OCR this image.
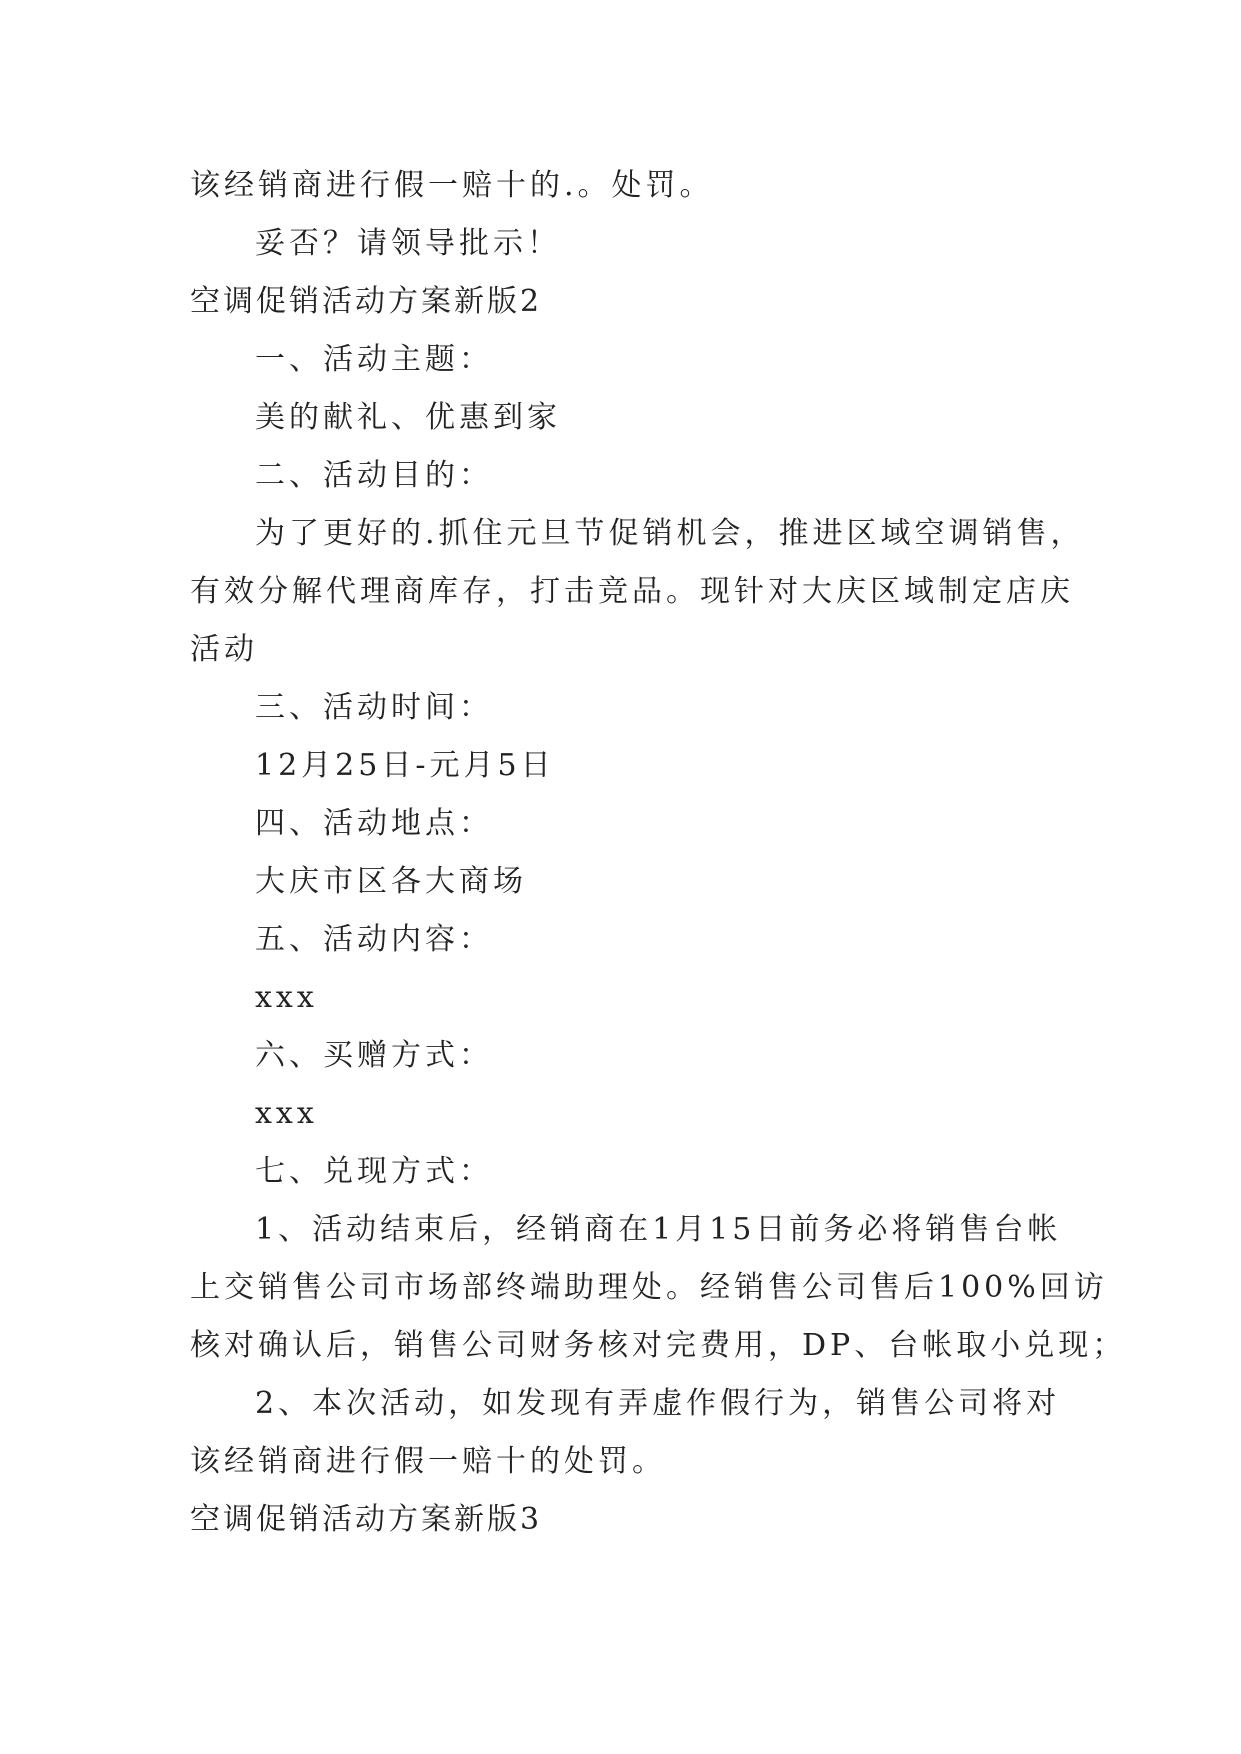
该经销商进行假一赔十的.。处罚。
妥否？请领导批示！
空调促销活动方案新版2
一、活动主题：
美的献礼、优惠到家
二、活动目的：
为了更好的.抓住元旦节促销机会，推进区域空调销售，
有效分解代理商库存，打击竞品。现针对大庆区域制定店庆
活动
三、活动时间：
12月25日-元月5日
四、活动地点：
大庆市区各大商场
五、活动内容：
xxx
六、买赠方式：
xxx
七、兑现方式：
1、活动结束后，经销商在1月15日前务必将销售台帐
上交销售公司市场部终端助理处。经销售公司售后100%回访
核对确认后，销售公司财务核对完费用，DP、台帐取小兑现；
2、本次活动，如发现有弄虚作假行为，销售公司将对
该经销商进行假一赔十的处罚。
空调促销活动方案新版3
